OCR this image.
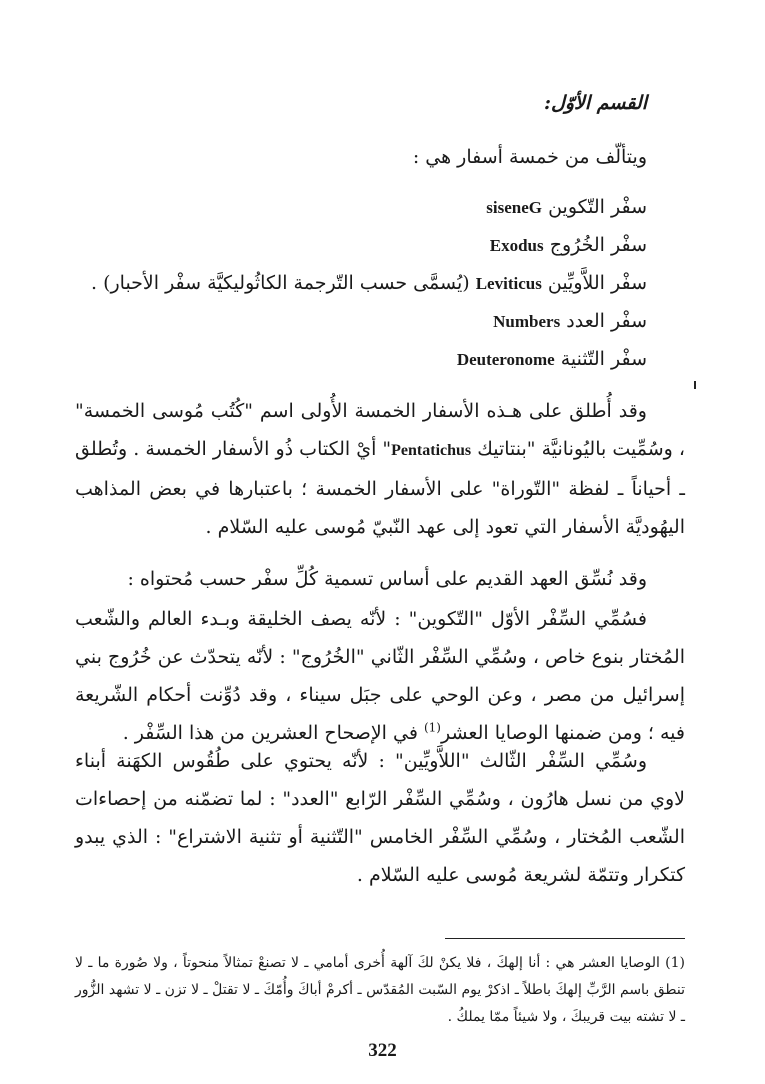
القسم الأوّل:
ويتألّف من خمسة أسفار هي :
سفْر التّكوين siseneG
سفْر الخُرُوج Exodus
سفْر اللاَّويِّين Leviticus (يُسمَّى حسب التّرجمة الكاثُوليكيَّة سفْر الأحبار) .
سفْر العدد Numbers
سفْر التّثنية Deuteronome
وقد أُطلق على هـذه الأسفار الخمسة الأُولى اسم "كُتُب مُوسى الخمسة" ، وسُمِّيت باليُونانيَّة "بنتاتيك Pentatichus" أيْ الكتاب ذُو الأسفار الخمسة . وتُطلق ـ أحياناً ـ لفظة "التّوراة" على الأسفار الخمسة ؛ باعتبارها في بعض المذاهب اليهُوديَّة الأسفار التي تعود إلى عهد النّبيّ مُوسى عليه السّلام .
وقد نُسِّق العهد القديم على أساس تسمية كُلِّ سفْر حسب مُحتواه :
فسُمِّي السِّفْر الأوّل "التّكوين" : لأنّه يصف الخليقة وبـدء العالم والشّعب المُختار بنوع خاص ، وسُمِّي السِّفْر الثّاني "الخُرُوج" : لأنّه يتحدّث عن خُرُوج بني إسرائيل من مصر ، وعن الوحي على جبَل سيناء ، وقد دُوِّنت أحكام الشّريعة فيه ؛ ومن ضمنها الوصايا العشر$^{(1)}$ في الإصحاح العشرين من هذا السِّفْر .
وسُمِّي السِّفْر الثّالث "اللاَّويِّين" : لأنّه يحتوي على طُقُوس الكهَنة أبناء لاوي من نسل هارُون ، وسُمِّي السِّفْر الرّابع "العدد" : لما تضمّنه من إحصاءات الشّعب المُختار ، وسُمِّي السِّفْر الخامس "التّثنية أو تثنية الاشتراع" : الذي يبدو كتكرار وتتمّة لشريعة مُوسى عليه السّلام .
(1) الوصايا العشر هي : أنا إلهكَ ، فلا يكنْ لكَ آلهة أُخرى أمامي ـ لا تصنعْ تمثالاً منحوتاً ، ولا صُورة ما ـ لا تنطق باسم الرَّبِّ إلهكَ باطلاً ـ اذكرْ يوم السّبت المُقدّس ـ أكرمْ أباكَ وأُمّكَ ـ لا تقتلْ ـ لا تزن ـ لا تشهد الزُّور ـ لا تشته بيت قريبكَ ، ولا شيئاً ممّا يملكُ .
322
